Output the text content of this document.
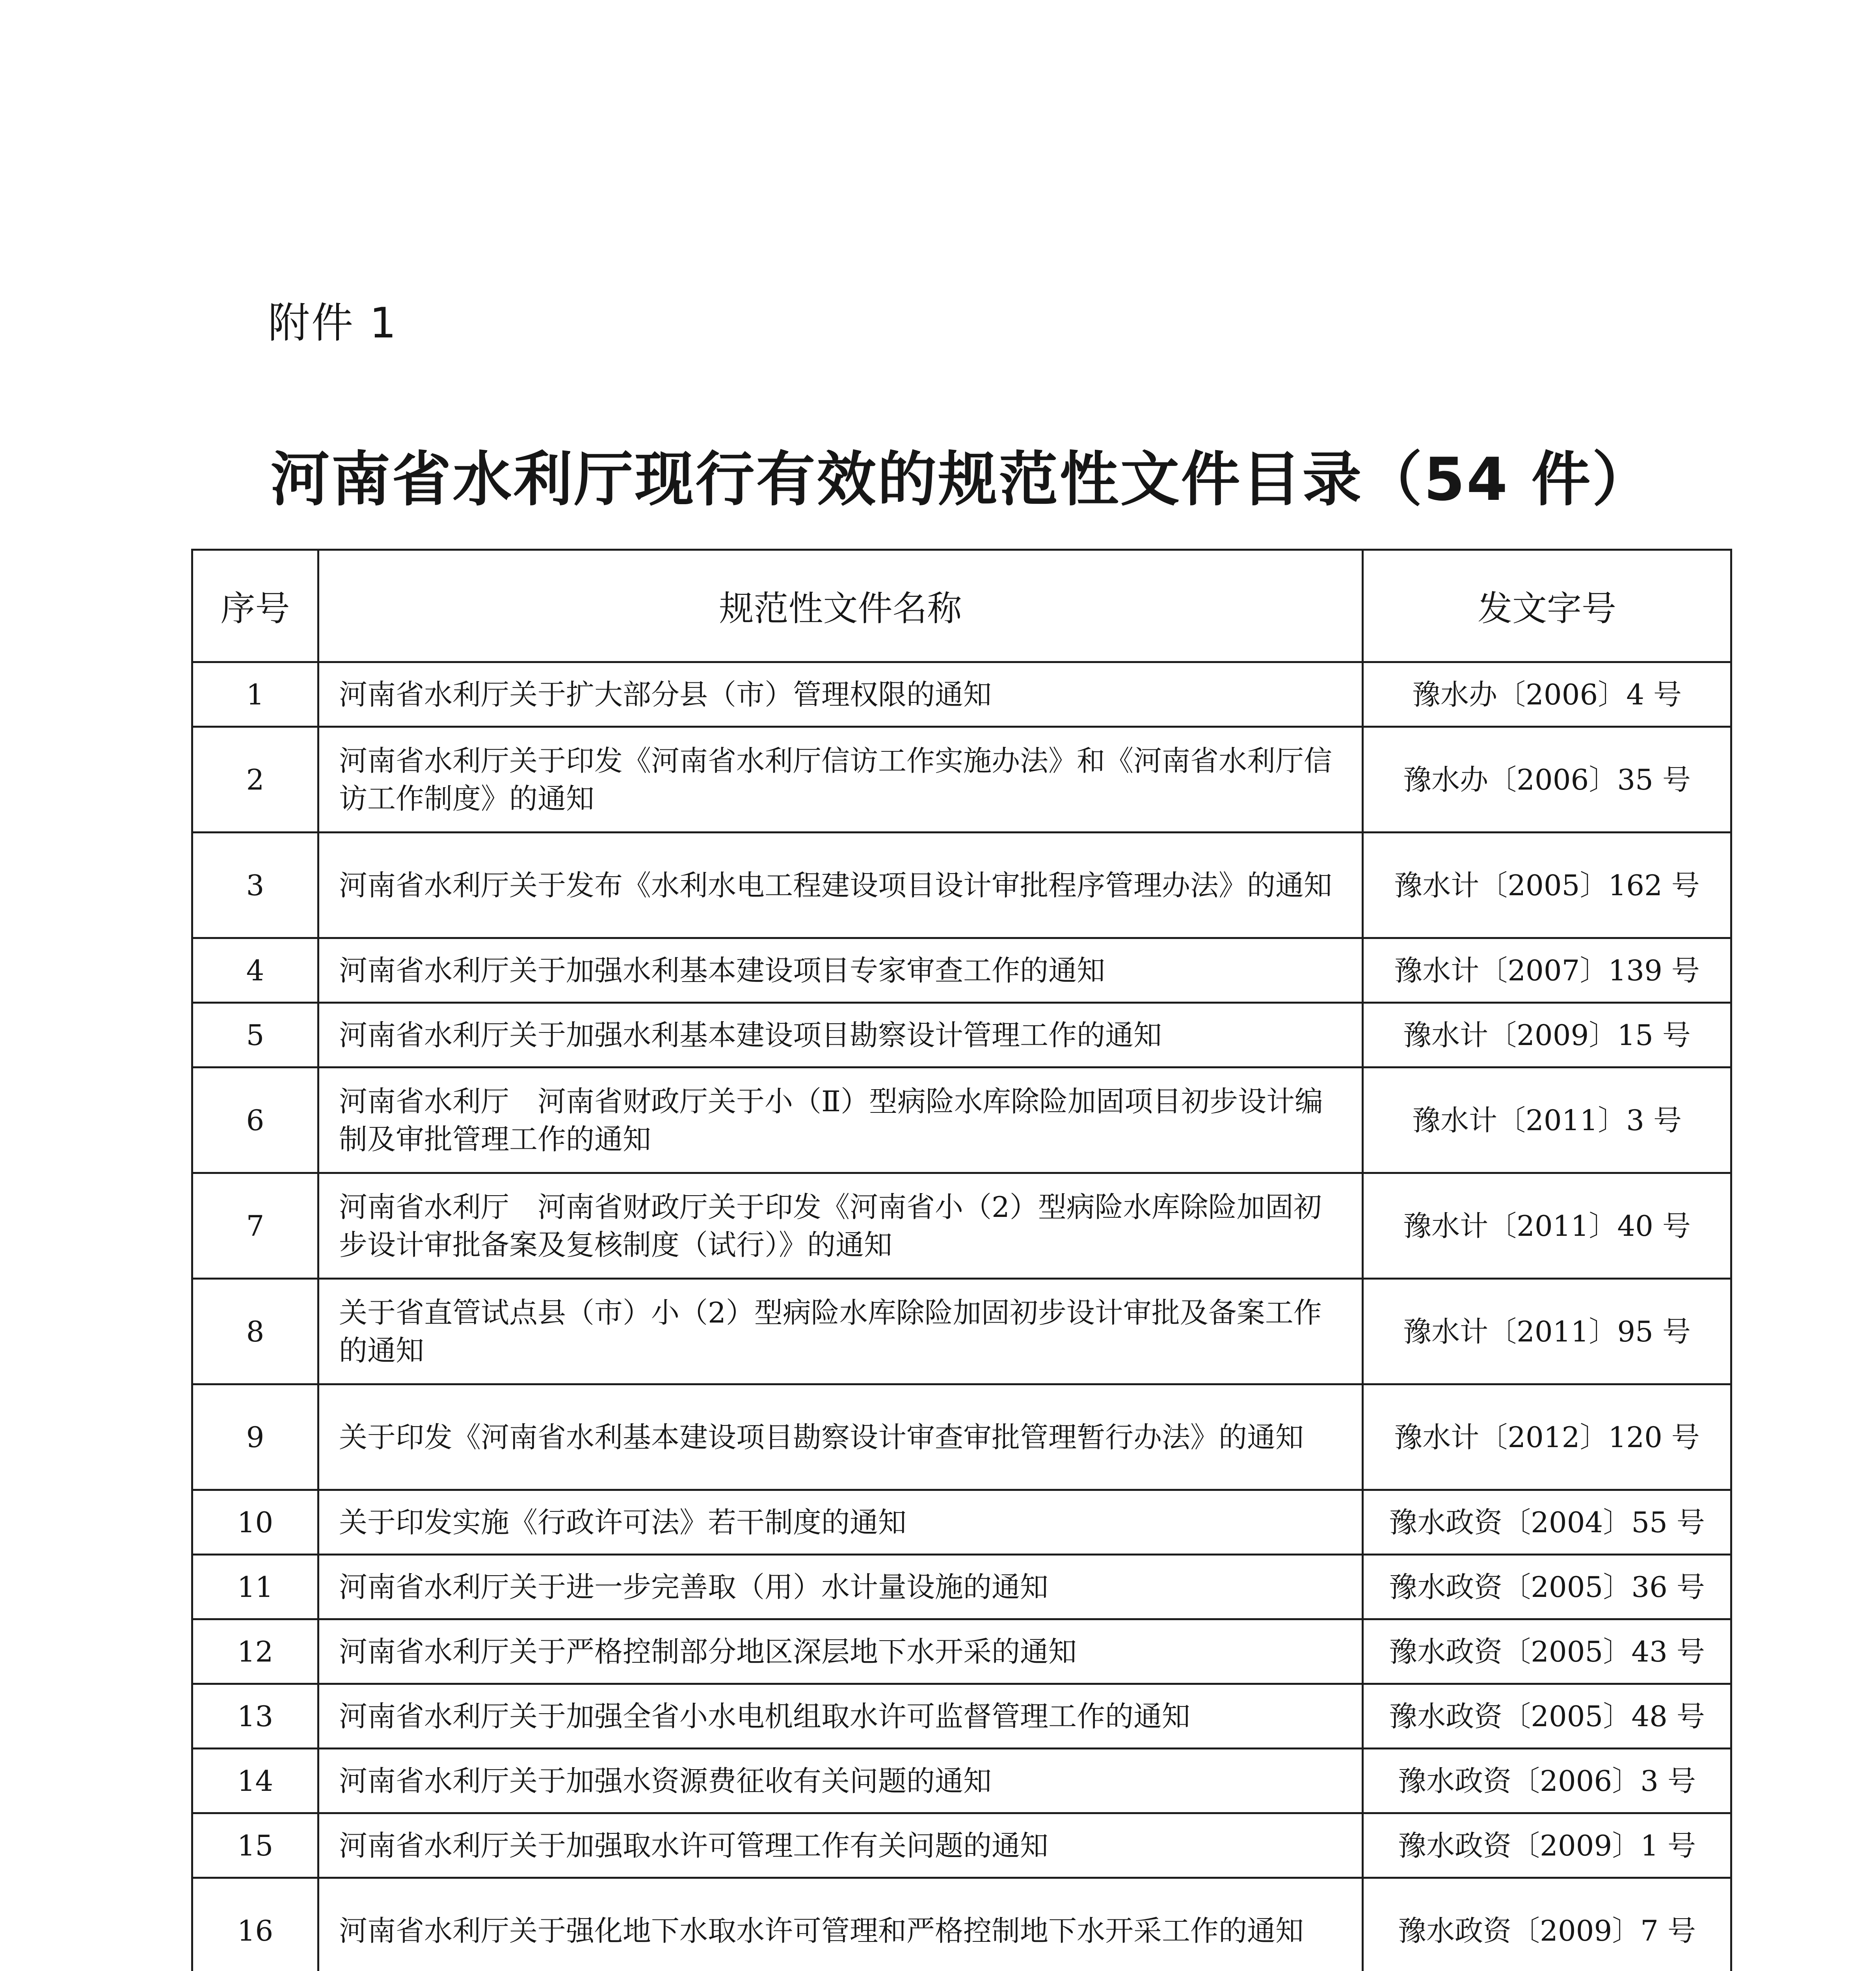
附件 1
河南省水利厅现行有效的规范性文件目录（54 件）
序号	规范性文件名称	发文字号
1	河南省水利厅关于扩大部分县（市）管理权限的通知	豫水办〔2006〕4 号
2	河南省水利厅关于印发《河南省水利厅信访工作实施办法》和《河南省水利厅信访工作制度》的通知	豫水办〔2006〕35 号
3	河南省水利厅关于发布《水利水电工程建设项目设计审批程序管理办法》的通知	豫水计〔2005〕162 号
4	河南省水利厅关于加强水利基本建设项目专家审查工作的通知	豫水计〔2007〕139 号
5	河南省水利厅关于加强水利基本建设项目勘察设计管理工作的通知	豫水计〔2009〕15 号
6	河南省水利厅　河南省财政厅关于小（Ⅱ）型病险水库除险加固项目初步设计编制及审批管理工作的通知	豫水计〔2011〕3 号
7	河南省水利厅　河南省财政厅关于印发《河南省小（2）型病险水库除险加固初步设计审批备案及复核制度（试行）》的通知	豫水计〔2011〕40 号
8	关于省直管试点县（市）小（2）型病险水库除险加固初步设计审批及备案工作的通知	豫水计〔2011〕95 号
9	关于印发《河南省水利基本建设项目勘察设计审查审批管理暂行办法》的通知	豫水计〔2012〕120 号
10	关于印发实施《行政许可法》若干制度的通知	豫水政资〔2004〕55 号
11	河南省水利厅关于进一步完善取（用）水计量设施的通知	豫水政资〔2005〕36 号
12	河南省水利厅关于严格控制部分地区深层地下水开采的通知	豫水政资〔2005〕43 号
13	河南省水利厅关于加强全省小水电机组取水许可监督管理工作的通知	豫水政资〔2005〕48 号
14	河南省水利厅关于加强水资源费征收有关问题的通知	豫水政资〔2006〕3 号
15	河南省水利厅关于加强取水许可管理工作有关问题的通知	豫水政资〔2009〕1 号
16	河南省水利厅关于强化地下水取水许可管理和严格控制地下水开采工作的通知	豫水政资〔2009〕7 号
